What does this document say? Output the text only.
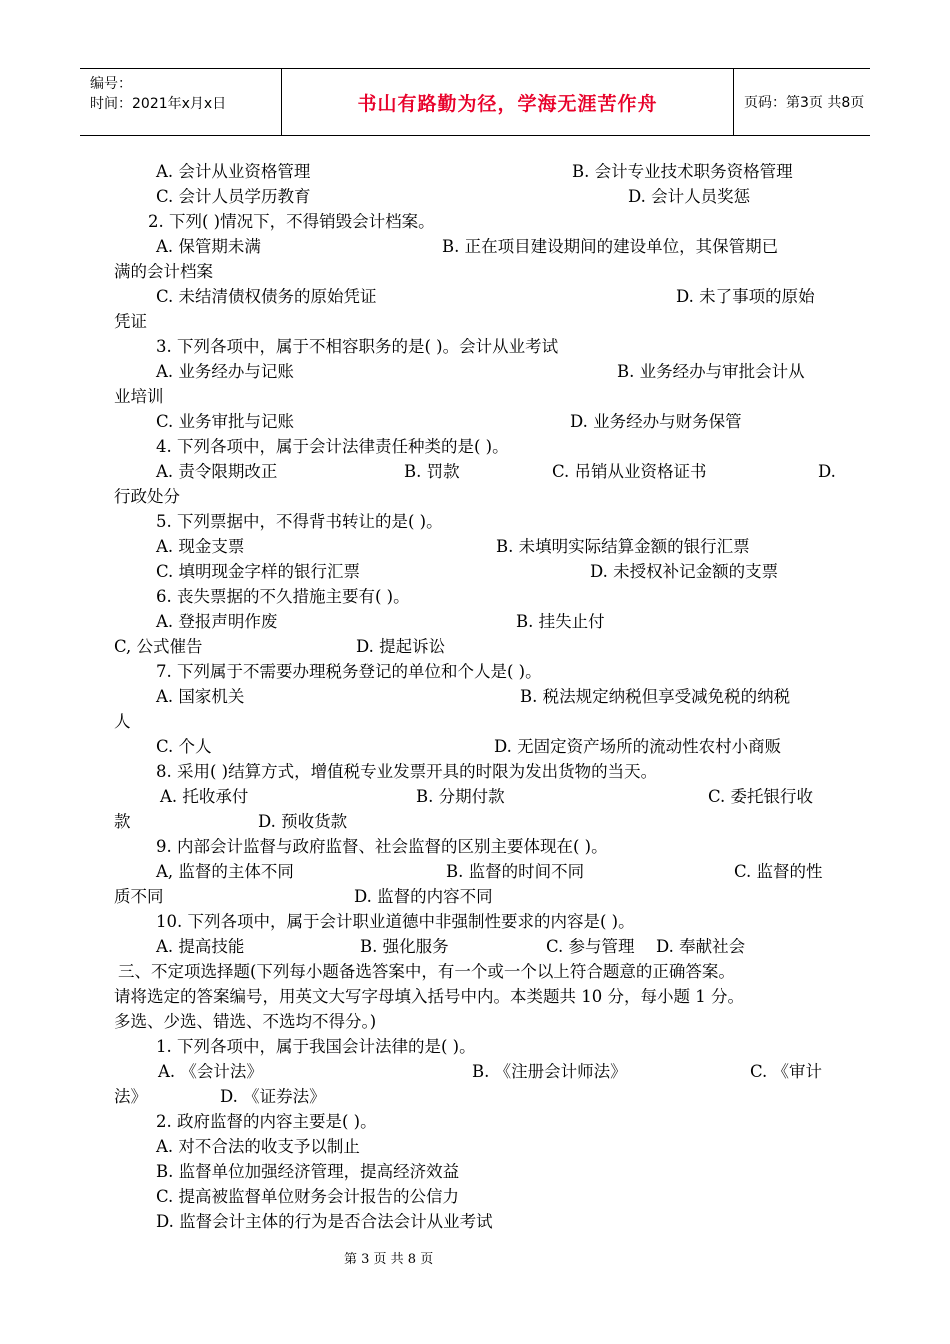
编号：
时间：2021年x月x日	书山有路勤为径，学海无涯苦作舟	页码：第3页 共8页
A. 会计从业资格管理	B. 会计专业技术职务资格管理
C. 会计人员学历教育	D. 会计人员奖惩
2. 下列( )情况下，不得销毁会计档案。
A. 保管期未满	B. 正在项目建设期间的建设单位，其保管期已
满的会计档案
C. 未结清债权债务的原始凭证	D. 未了事项的原始
凭证
3. 下列各项中，属于不相容职务的是( )。会计从业考试
A. 业务经办与记账	B. 业务经办与审批会计从
业培训
C. 业务审批与记账	D. 业务经办与财务保管
4. 下列各项中，属于会计法律责任种类的是( )。
A. 责令限期改正	B. 罚款	C. 吊销从业资格证书	D.
行政处分
5. 下列票据中，不得背书转让的是( )。
A. 现金支票	B. 未填明实际结算金额的银行汇票
C. 填明现金字样的银行汇票	D. 未授权补记金额的支票
6. 丧失票据的不久措施主要有( )。
A. 登报声明作废	B. 挂失止付
C, 公式催告	D. 提起诉讼
7. 下列属于不需要办理税务登记的单位和个人是( )。
A. 国家机关	B. 税法规定纳税但享受减免税的纳税
人
C. 个人	D. 无固定资产场所的流动性农村小商贩
8. 采用( )结算方式，增值税专业发票开具的时限为发出货物的当天。
A. 托收承付	B. 分期付款	C. 委托银行收
款	D. 预收货款
9. 内部会计监督与政府监督、社会监督的区别主要体现在( )。
A, 监督的主体不同	B. 监督的时间不同	C. 监督的性
质不同	D. 监督的内容不同
10. 下列各项中，属于会计职业道德中非强制性要求的内容是( )。
A. 提高技能	B. 强化服务	C. 参与管理 D. 奉献社会
三、不定项选择题(下列每小题备选答案中，有一个或一个以上符合题意的正确答案。
请将选定的答案编号，用英文大写字母填入括号中内。本类题共 10 分，每小题 1 分。
多选、少选、错选、不选均不得分。)
1. 下列各项中，属于我国会计法律的是( )。
A. 《会计法》	B. 《注册会计师法》	C. 《审计
法》	D. 《证券法》
2. 政府监督的内容主要是( )。
A. 对不合法的收支予以制止
B. 监督单位加强经济管理，提高经济效益
C. 提高被监督单位财务会计报告的公信力
D. 监督会计主体的行为是否合法会计从业考试
第 3 页 共 8 页
